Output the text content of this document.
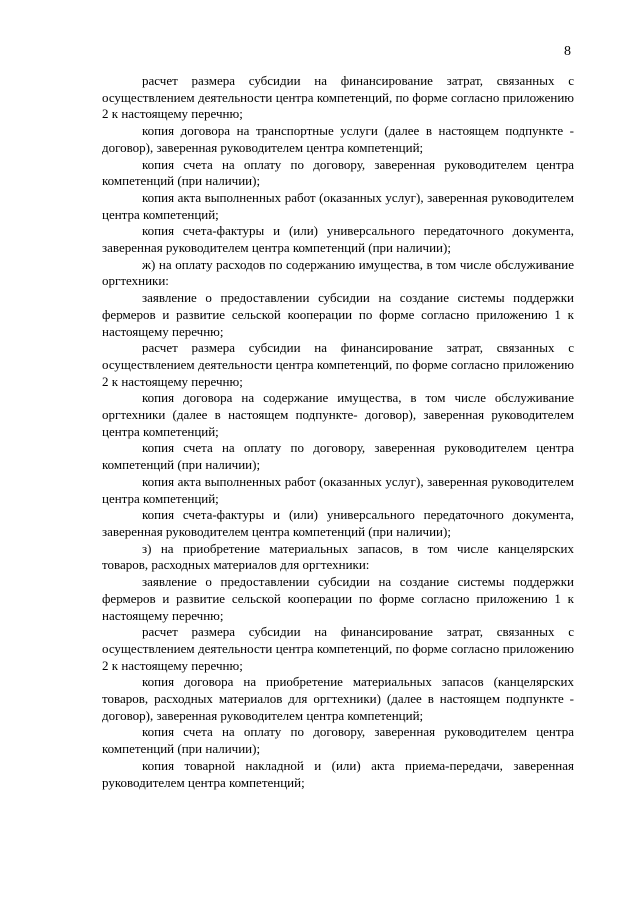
8

расчет размера субсидии на финансирование затрат, связанных с осуществлением деятельности центра компетенций, по форме согласно приложению 2 к настоящему перечню;

копия договора на транспортные услуги (далее в настоящем подпункте - договор), заверенная руководителем центра компетенций;

копия счета на оплату по договору, заверенная руководителем центра компетенций (при наличии);

копия акта выполненных работ (оказанных услуг), заверенная руководителем центра компетенций;

копия счета-фактуры и (или) универсального передаточного документа, заверенная руководителем центра компетенций (при наличии);

ж) на оплату расходов по содержанию имущества, в том числе обслуживание оргтехники:

заявление о предоставлении субсидии на создание системы поддержки фермеров и развитие сельской кооперации по форме согласно приложению 1 к настоящему перечню;

расчет размера субсидии на финансирование затрат, связанных с осуществлением деятельности центра компетенций, по форме согласно приложению 2 к настоящему перечню;

копия договора на содержание имущества, в том числе обслуживание оргтехники (далее в настоящем подпункте- договор), заверенная руководителем центра компетенций;

копия счета на оплату по договору, заверенная руководителем центра компетенций (при наличии);

копия акта выполненных работ (оказанных услуг), заверенная руководителем центра компетенций;

копия счета-фактуры и (или) универсального передаточного документа, заверенная руководителем центра компетенций (при наличии);

з) на приобретение материальных запасов, в том числе канцелярских товаров, расходных материалов для оргтехники:

заявление о предоставлении субсидии на создание системы поддержки фермеров и развитие сельской кооперации по форме согласно приложению 1 к настоящему перечню;

расчет размера субсидии на финансирование затрат, связанных с осуществлением деятельности центра компетенций, по форме согласно приложению 2 к настоящему перечню;

копия договора на приобретение материальных запасов (канцелярских товаров, расходных материалов для оргтехники) (далее в настоящем подпункте - договор), заверенная руководителем центра компетенций;

копия счета на оплату по договору, заверенная руководителем центра компетенций (при наличии);

копия товарной накладной и (или) акта приема-передачи, заверенная руководителем центра компетенций;
